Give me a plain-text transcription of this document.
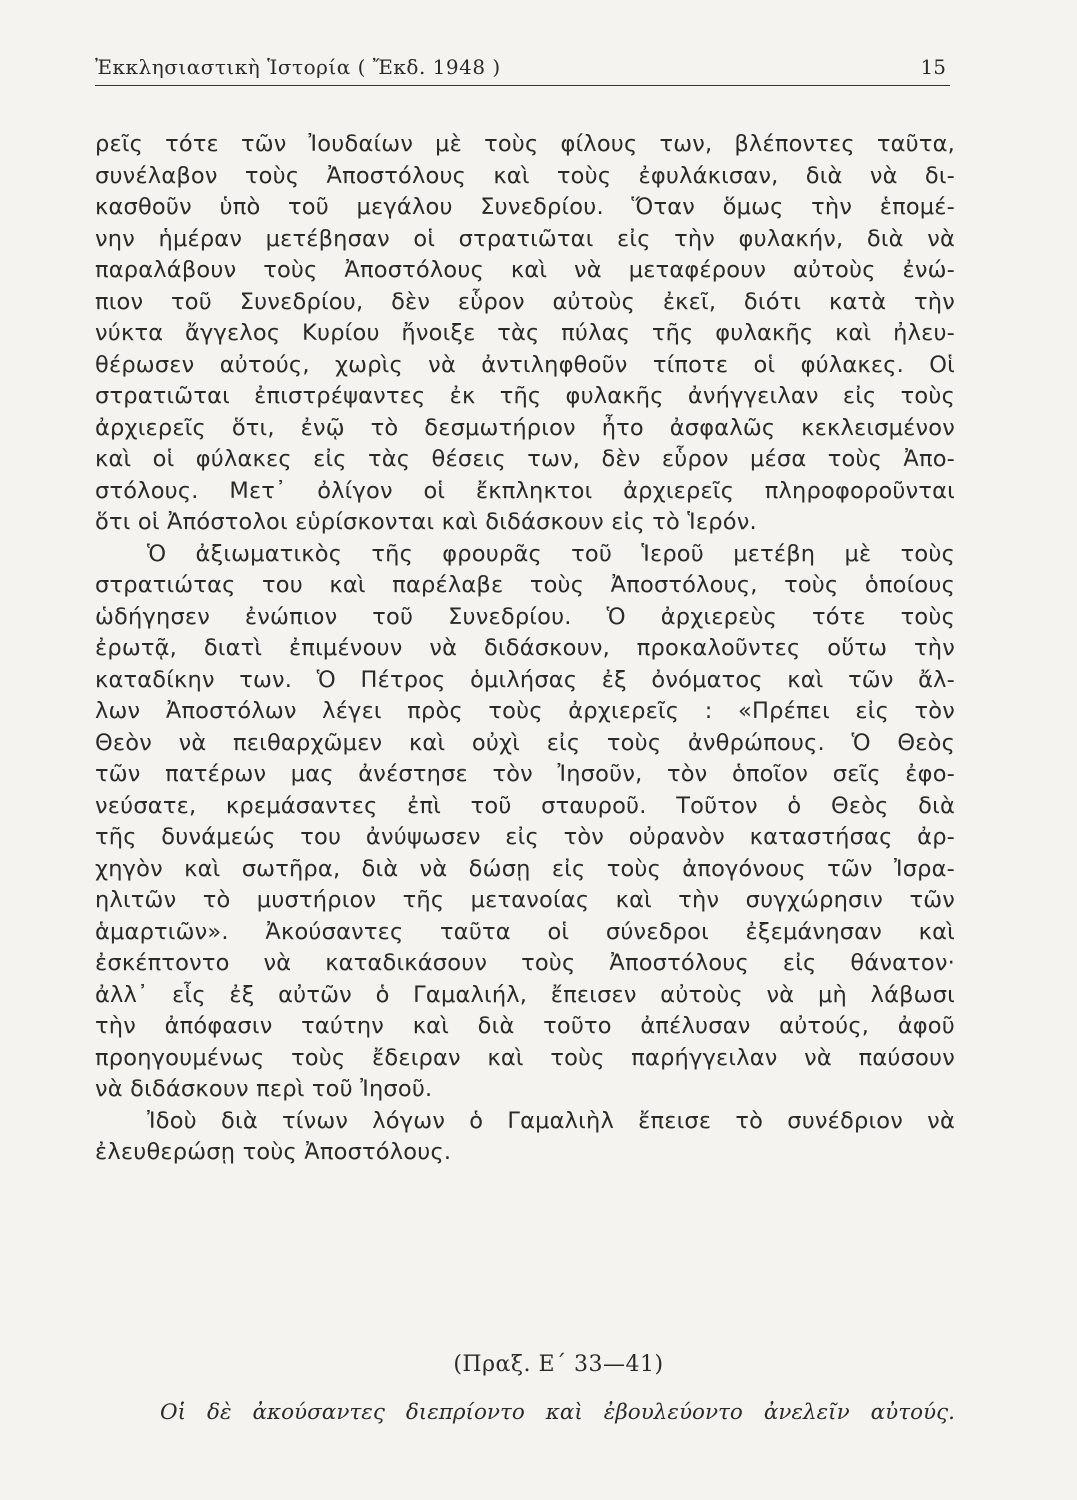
Ἐκκλησιαστικὴ Ἱστορία ( Ἔκδ. 1948 )	15
ρεῖς τότε τῶν Ἰουδαίων μὲ τοὺς φίλους των, βλέποντες ταῦτα,
συνέλαβον τοὺς Ἀποστόλους καὶ τοὺς ἐφυλάκισαν, διὰ νὰ δι-
κασθοῦν ὑπὸ τοῦ μεγάλου Συνεδρίου. Ὅταν ὅμως τὴν ἑπομέ-
νην ἡμέραν μετέβησαν οἱ στρατιῶται εἰς τὴν φυλακήν, διὰ νὰ
παραλάβουν τοὺς Ἀποστόλους καὶ νὰ μεταφέρουν αὐτοὺς ἐνώ-
πιον τοῦ Συνεδρίου, δὲν εὗρον αὐτοὺς ἐκεῖ, διότι κατὰ τὴν
νύκτα ἄγγελος Κυρίου ἤνοιξε τὰς πύλας τῆς φυλακῆς καὶ ἠλευ-
θέρωσεν αὐτούς, χωρὶς νὰ ἀντιληφθοῦν τίποτε οἱ φύλακες. Οἱ
στρατιῶται ἐπιστρέψαντες ἐκ τῆς φυλακῆς ἀνήγγειλαν εἰς τοὺς
ἀρχιερεῖς ὅτι, ἐνῷ τὸ δεσμωτήριον ἦτο ἀσφαλῶς κεκλεισμένον
καὶ οἱ φύλακες εἰς τὰς θέσεις των, δὲν εὗρον μέσα τοὺς Ἀπο-
στόλους. Μετ᾽ ὀλίγον οἱ ἔκπληκτοι ἀρχιερεῖς πληροφοροῦνται
ὅτι οἱ Ἀπόστολοι εὑρίσκονται καὶ διδάσκουν εἰς τὸ Ἱερόν.
Ὁ ἀξιωματικὸς τῆς φρουρᾶς τοῦ Ἱεροῦ μετέβη μὲ τοὺς
στρατιώτας του καὶ παρέλαβε τοὺς Ἀποστόλους, τοὺς ὁποίους
ὡδήγησεν ἐνώπιον τοῦ Συνεδρίου. Ὁ ἀρχιερεὺς τότε τοὺς
ἐρωτᾷ, διατὶ ἐπιμένουν νὰ διδάσκουν, προκαλοῦντες οὕτω τὴν
καταδίκην των. Ὁ Πέτρος ὁμιλήσας ἐξ ὀνόματος καὶ τῶν ἄλ-
λων Ἀποστόλων λέγει πρὸς τοὺς ἀρχιερεῖς : «Πρέπει εἰς τὸν
Θεὸν νὰ πειθαρχῶμεν καὶ οὐχὶ εἰς τοὺς ἀνθρώπους. Ὁ Θεὸς
τῶν πατέρων μας ἀνέστησε τὸν Ἰησοῦν, τὸν ὁποῖον σεῖς ἐφο-
νεύσατε, κρεμάσαντες ἐπὶ τοῦ σταυροῦ. Τοῦτον ὁ Θεὸς διὰ
τῆς δυνάμεώς του ἀνύψωσεν εἰς τὸν οὐρανὸν καταστήσας ἀρ-
χηγὸν καὶ σωτῆρα, διὰ νὰ δώσῃ εἰς τοὺς ἀπογόνους τῶν Ἰσρα-
ηλιτῶν τὸ μυστήριον τῆς μετανοίας καὶ τὴν συγχώρησιν τῶν
ἁμαρτιῶν». Ἀκούσαντες ταῦτα οἱ σύνεδροι ἐξεμάνησαν καὶ
ἐσκέπτοντο νὰ καταδικάσουν τοὺς Ἀποστόλους εἰς θάνατον·
ἀλλ᾽ εἷς ἐξ αὐτῶν ὁ Γαμαλιήλ, ἔπεισεν αὐτοὺς νὰ μὴ λάβωσι
τὴν ἀπόφασιν ταύτην καὶ διὰ τοῦτο ἀπέλυσαν αὐτούς, ἀφοῦ
προηγουμένως τοὺς ἔδειραν καὶ τοὺς παρήγγειλαν νὰ παύσουν
νὰ διδάσκουν περὶ τοῦ Ἰησοῦ.
Ἰδοὺ διὰ τίνων λόγων ὁ Γαμαλιὴλ ἔπεισε τὸ συνέδριον νὰ
ἐλευθερώσῃ τοὺς Ἀποστόλους.
(Πραξ. Ε΄ 33—41)
Οἱ δὲ ἀκούσαντες διεπρίοντο καὶ ἐβουλεύοντο ἀνελεῖν αὐτούς.
